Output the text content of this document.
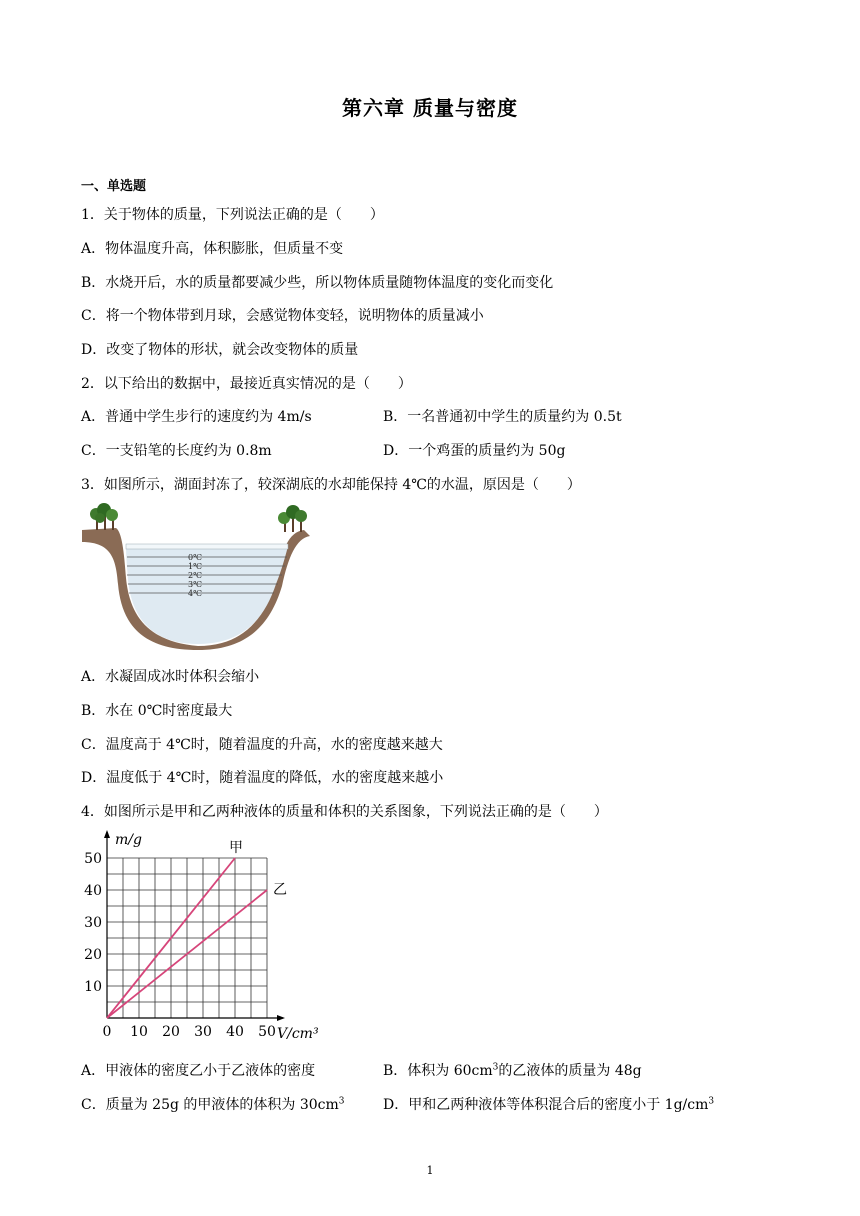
第六章 质量与密度
一、单选题
1．关于物体的质量，下列说法正确的是（　　）
A．物体温度升高，体积膨胀，但质量不变
B．水烧开后，水的质量都要减少些，所以物体质量随物体温度的变化而变化
C．将一个物体带到月球，会感觉物体变轻，说明物体的质量减小
D．改变了物体的形状，就会改变物体的质量
2．以下给出的数据中，最接近真实情况的是（　　）
A．普通中学生步行的速度约为 4m/s	B．一名普通初中学生的质量约为 0.5t
C．一支铅笔的长度约为 0.8m	D．一个鸡蛋的质量约为 50g
3．如图所示，湖面封冻了，较深湖底的水却能保持 4℃的水温，原因是（　　）
0℃
1℃
2℃
3℃
4℃
A．水凝固成冰时体积会缩小
B．水在 0℃时密度最大
C．温度高于 4℃时，随着温度的升高，水的密度越来越大
D．温度低于 4℃时，随着温度的降低，水的密度越来越小
4．如图所示是甲和乙两种液体的质量和体积的关系图象，下列说法正确的是（　　）
0 10 20 30 40 50
10
20
30
40
50
m/g
V/cm³
甲
乙
A．甲液体的密度乙小于乙液体的密度	B．体积为 $60cm^3$的乙液体的质量为 48g
C．质量为 25g 的甲液体的体积为 $30cm^3$	D．甲和乙两种液体等体积混合后的密度小于 $1g/cm^3$
1
